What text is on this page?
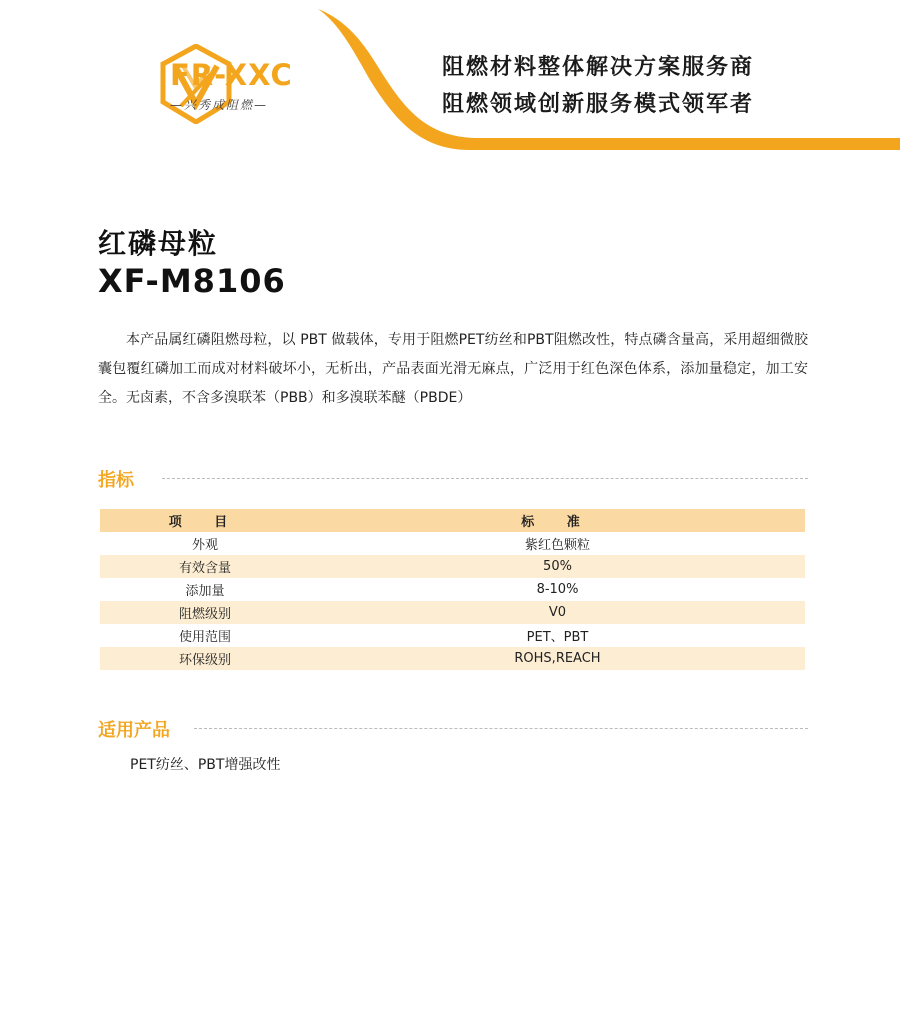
FR-XXC
—兴秀成阻燃—
阻燃材料整体解决方案服务商
阻燃领域创新服务模式领军者
红磷母粒
XF-M8106
本产品属红磷阻燃母粒，以 PBT 做载体，专用于阻燃PET纺丝和PBT阻燃改性，特点磷含量高，采用超细微胶囊包覆红磷加工而成对材料破坏小，无析出，产品表面光滑无麻点，广泛用于红色深色体系，添加量稳定，加工安全。无卤素，不含多溴联苯（PBB）和多溴联苯醚（PBDE）
指标
项 目	标 准
外观	紫红色颗粒
有效含量	50%
添加量	8-10%
阻燃级别	V0
使用范围	PET、PBT
环保级别	ROHS,REACH
适用产品
PET纺丝、PBT增强改性
